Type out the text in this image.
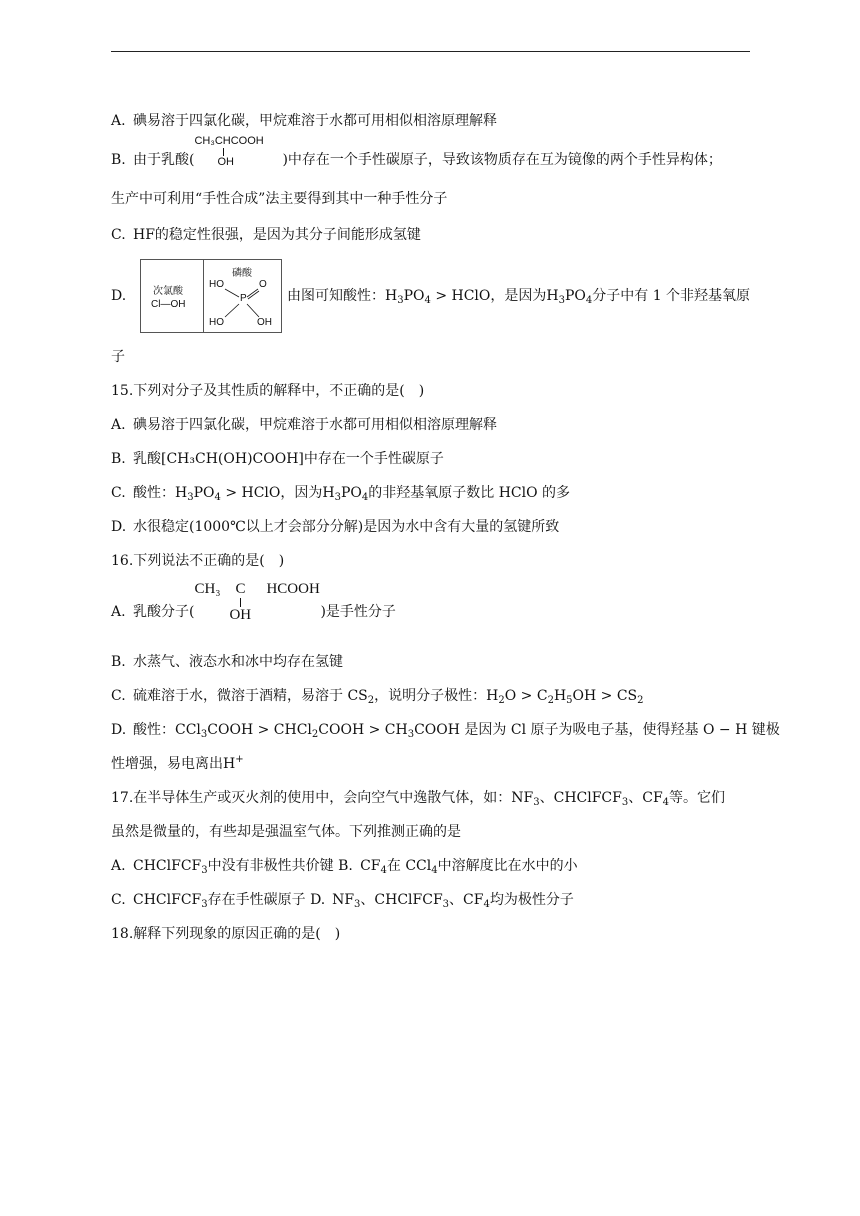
A. 碘易溶于四氯化碳，甲烷难溶于水都可用相似相溶原理解释
B. 由于乳酸(
CH₃CHCOOH
OH	)中存在一个手性碳原子，导致该物质存在互为镜像的两个手性异构体；
生产中可利用“手性合成”法主要得到其中一种手性分子
C. HF的稳定性很强，是因为其分子间能形成氢键
D.	次氯酸
Cl—OH
磷酸
HO	O
P
HO	OH
由图可知酸性：$H_3PO_4$ > HClO，是因为$H_3PO_4$分子中有 1 个非羟基氧原
子
15.下列对分子及其性质的解释中，不正确的是(　)
A. 碘易溶于四氯化碳，甲烷难溶于水都可用相似相溶原理解释
B. 乳酸[CH₃CH(OH)COOH]中存在一个手性碳原子
C. 酸性：$H_3PO_4$ > HClO，因为$H_3PO_4$的非羟基氧原子数比 HClO 的多
D. 水很稳定(1000℃以上才会部分分解)是因为水中含有大量的氢键所致
16.下列说法不正确的是(　)
A. 乳酸分子(
CH₃ C HCOOH
OH	)是手性分子
B. 水蒸气、液态水和冰中均存在氢键
C. 硫难溶于水，微溶于酒精，易溶于 $CS_2$，说明分子极性：$H_2O > C_2H_5OH > CS_2$
D. 酸性：CCl$_3$COOH > CHCl$_2$COOH > $CH_3COOH$ 是因为 Cl 原子为吸电子基，使得羟基 O − H 键极
性增强，易电离出H+
17.在半导体生产或灭火剂的使用中，会向空气中逸散气体，如：$NF_3$、CHClFCF$_3$、$CF_4$等。它们
虽然是微量的，有些却是强温室气体。下列推测正确的是
A. CHClFCF$_3$中没有非极性共价键 B. $CF_4$在 CCl$_4$中溶解度比在水中的小
C. CHClFCF$_3$存在手性碳原子 D. $NF_3$、CHClFCF$_3$、$CF_4$均为极性分子
18.解释下列现象的原因正确的是(　)
